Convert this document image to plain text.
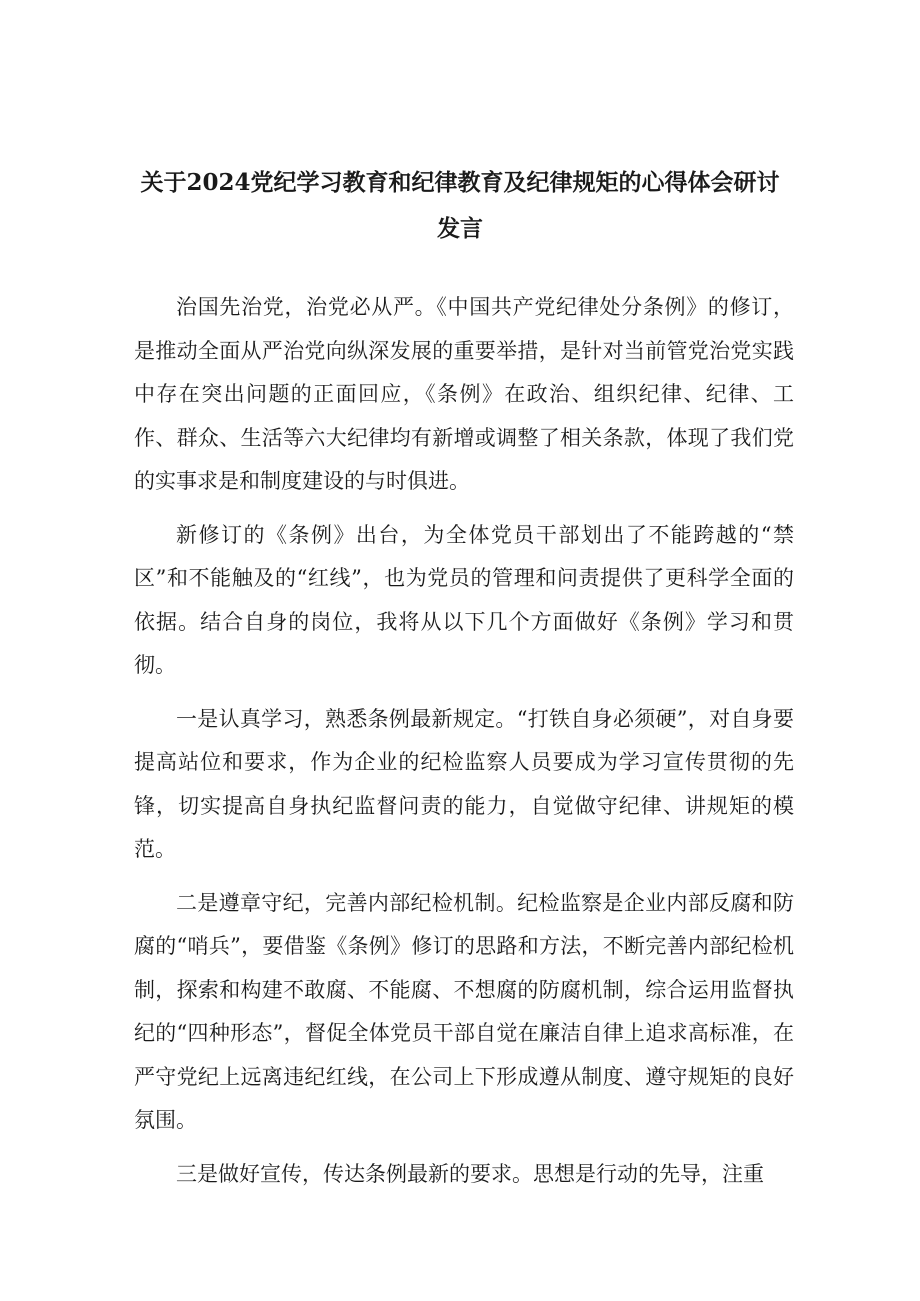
关于2024党纪学习教育和纪律教育及纪律规矩的心得体会研讨
发言

治国先治党，治党必从严。《中国共产党纪律处分条例》的修订，是推动全面从严治党向纵深发展的重要举措，是针对当前管党治党实践中存在突出问题的正面回应，《条例》在政治、组织纪律、纪律、工作、群众、生活等六大纪律均有新增或调整了相关条款，体现了我们党的实事求是和制度建设的与时俱进。

新修订的《条例》出台，为全体党员干部划出了不能跨越的“禁区”和不能触及的“红线”，也为党员的管理和问责提供了更科学全面的依据。结合自身的岗位，我将从以下几个方面做好《条例》学习和贯彻。

一是认真学习，熟悉条例最新规定。“打铁自身必须硬”，对自身要提高站位和要求，作为企业的纪检监察人员要成为学习宣传贯彻的先锋，切实提高自身执纪监督问责的能力，自觉做守纪律、讲规矩的模范。

二是遵章守纪，完善内部纪检机制。纪检监察是企业内部反腐和防腐的“哨兵”，要借鉴《条例》修订的思路和方法，不断完善内部纪检机制，探索和构建不敢腐、不能腐、不想腐的防腐机制，综合运用监督执纪的“四种形态”，督促全体党员干部自觉在廉洁自律上追求高标准，在严守党纪上远离违纪红线，在公司上下形成遵从制度、遵守规矩的良好氛围。

三是做好宣传，传达条例最新的要求。思想是行动的先导，注重
